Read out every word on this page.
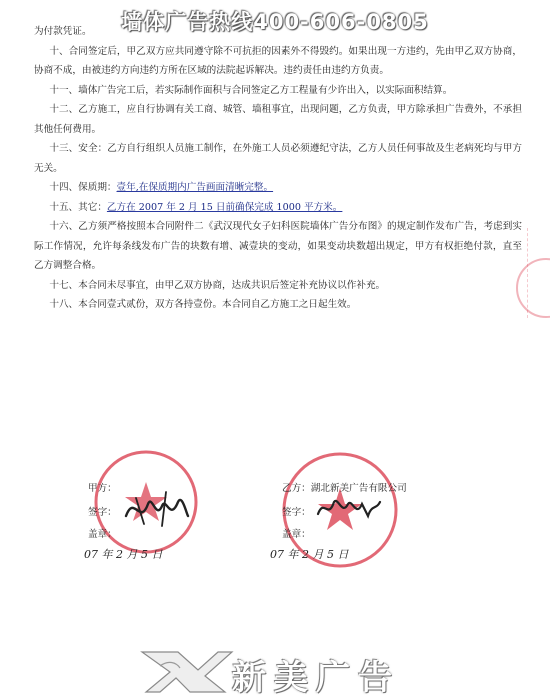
墙体广告热线400-606-0805

为付款凭证。

十、合同签定后，甲乙双方应共同遵守除不可抗拒的因素外不得毁约。如果出现一方违约，先由甲乙双方协商，协商不成，由被违约方向违约方所在区域的法院起诉解决。违约责任由违约方负责。

十一、墙体广告完工后，若实际制作面积与合同签定乙方工程量有少许出入，以实际面积结算。

十二、乙方施工，应自行协调有关工商、城管、墙租事宜，出现问题，乙方负责，甲方除承担广告费外，不承担其他任何费用。

十三、安全：乙方自行组织人员施工制作，在外施工人员必须遵纪守法，乙方人员任何事故及生老病死均与甲方无关。

十四、保质期：壹年,在保质期内广告画面清晰完整。

十五、其它：乙方在 2007 年 2 月 15 日前确保完成 1000 平方米。

十六、乙方须严格按照本合同附件二《武汉现代女子妇科医院墙体广告分布图》的规定制作发布广告，考虑到实际工作情况，允许每条线发布广告的块数有增、减壹块的变动，如果变动块数超出规定，甲方有权拒绝付款，直至乙方调整合格。

十七、本合同未尽事宜，由甲乙双方协商，达成共识后签定补充协议以作补充。

十八、本合同壹式贰份，双方各持壹份。本合同自乙方施工之日起生效。

甲方：
签字：
盖章：
07 年 2 月 5 日
乙方：湖北新美广告有限公司
签字：
盖章：
07 年 2 月 5 日
新美广告
